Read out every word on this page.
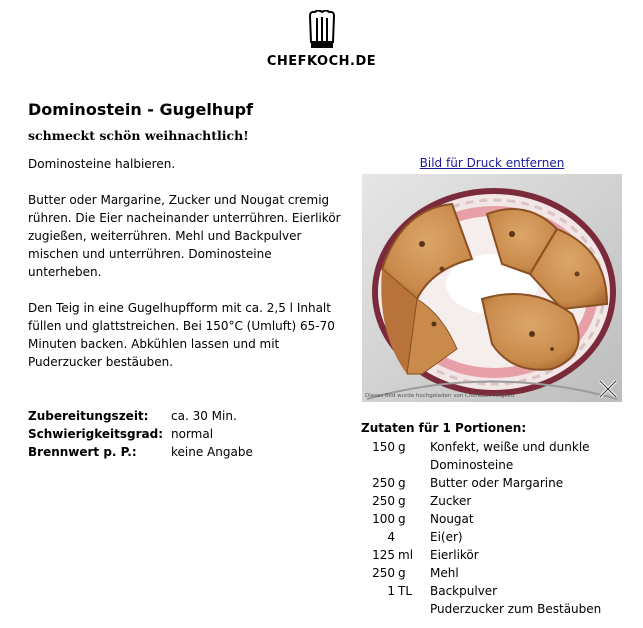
CHEFKOCH.DE
Dominostein - Gugelhupf
schmeckt schön weihnachtlich!

Dominosteine halbieren.

Butter oder Margarine, Zucker und Nougat cremig rühren. Die Eier nacheinander unterrühren. Eierlikör zugießen, weiterrühren. Mehl und Backpulver mischen und unterrühren. Dominosteine unterheben.

Den Teig in eine Gugelhupfform mit ca. 2,5 l Inhalt füllen und glattstreichen. Bei 150°C (Umluft) 65-70 Minuten backen. Abkühlen lassen und mit Puderzucker bestäuben.

Zubereitungszeit:	ca. 30 Min.
Schwierigkeitsgrad:	normal
Brennwert p. P.:	keine Angabe
Bild für Druck entfernen
Dieses Bild wurde hochgeladen von Chefkoch-Mitglied
Zutaten für 1 Portionen:
150	g	Konfekt, weiße und dunkle Dominosteine
250	g	Butter oder Margarine
250	g	Zucker
100	g	Nougat
4		Ei(er)
125	ml	Eierlikör
250	g	Mehl
1	TL	Backpulver
		Puderzucker zum Bestäuben
